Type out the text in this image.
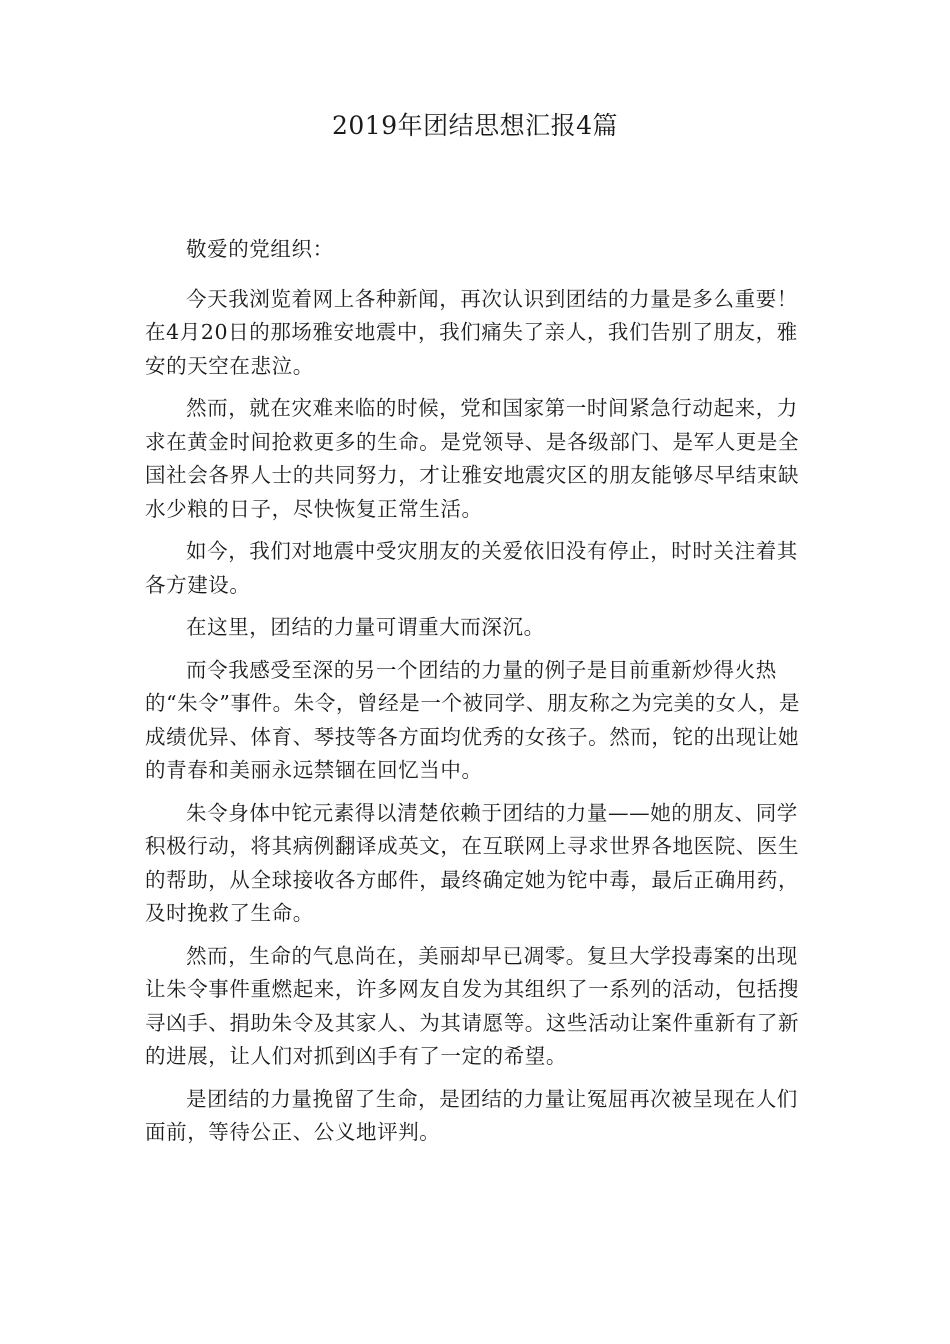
2019年团结思想汇报4篇

敬爱的党组织：

今天我浏览着网上各种新闻，再次认识到团结的力量是多么重要！在4月20日的那场雅安地震中，我们痛失了亲人，我们告别了朋友，雅安的天空在悲泣。

然而，就在灾难来临的时候，党和国家第一时间紧急行动起来，力求在黄金时间抢救更多的生命。是党领导、是各级部门、是军人更是全国社会各界人士的共同努力，才让雅安地震灾区的朋友能够尽早结束缺水少粮的日子，尽快恢复正常生活。

如今，我们对地震中受灾朋友的关爱依旧没有停止，时时关注着其各方建设。

在这里，团结的力量可谓重大而深沉。

而令我感受至深的另一个团结的力量的例子是目前重新炒得火热的“朱令”事件。朱令，曾经是一个被同学、朋友称之为完美的女人，是成绩优异、体育、琴技等各方面均优秀的女孩子。然而，铊的出现让她的青春和美丽永远禁锢在回忆当中。

朱令身体中铊元素得以清楚依赖于团结的力量——她的朋友、同学积极行动，将其病例翻译成英文，在互联网上寻求世界各地医院、医生的帮助，从全球接收各方邮件，最终确定她为铊中毒，最后正确用药，及时挽救了生命。

然而，生命的气息尚在，美丽却早已凋零。复旦大学投毒案的出现让朱令事件重燃起来，许多网友自发为其组织了一系列的活动，包括搜寻凶手、捐助朱令及其家人、为其请愿等。这些活动让案件重新有了新的进展，让人们对抓到凶手有了一定的希望。

是团结的力量挽留了生命，是团结的力量让冤屈再次被呈现在人们面前，等待公正、公义地评判。
